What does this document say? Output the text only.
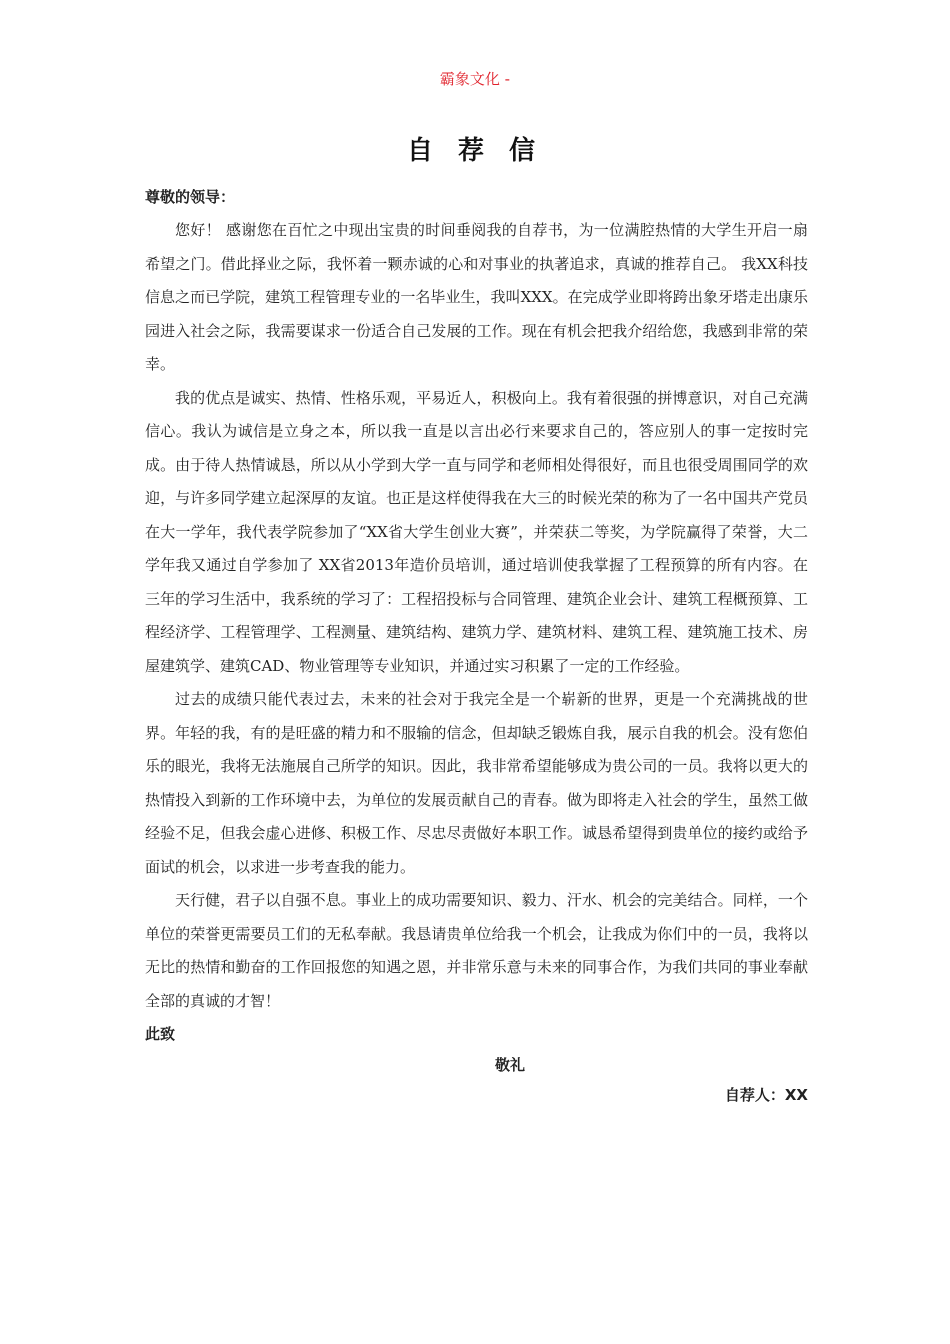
霸象文化 -
自 荐 信

尊敬的领导：

您好！ 感谢您在百忙之中现出宝贵的时间垂阅我的自荐书，为一位满腔热情的大学生开启一扇希望之门。借此择业之际，我怀着一颗赤诚的心和对事业的执著追求，真诚的推荐自己。 我XX科技信息之而已学院，建筑工程管理专业的一名毕业生，我叫XXX。在完成学业即将跨出象牙塔走出康乐园进入社会之际，我需要谋求一份适合自己发展的工作。现在有机会把我介绍给您，我感到非常的荣幸。

我的优点是诚实、热情、性格乐观，平易近人，积极向上。我有着很强的拼博意识，对自己充满信心。我认为诚信是立身之本，所以我一直是以言出必行来要求自己的，答应别人的事一定按时完成。由于待人热情诚恳，所以从小学到大学一直与同学和老师相处得很好，而且也很受周围同学的欢迎，与许多同学建立起深厚的友谊。也正是这样使得我在大三的时候光荣的称为了一名中国共产党员 在大一学年，我代表学院参加了“XX省大学生创业大赛”，并荣获二等奖，为学院赢得了荣誉，大二学年我又通过自学参加了 XX省2013年造价员培训，通过培训使我掌握了工程预算的所有内容。在三年的学习生活中，我系统的学习了：工程招投标与合同管理、建筑企业会计、建筑工程概预算、工程经济学、工程管理学、工程测量、建筑结构、建筑力学、建筑材料、建筑工程、建筑施工技术、房屋建筑学、建筑CAD、物业管理等专业知识，并通过实习积累了一定的工作经验。

过去的成绩只能代表过去，未来的社会对于我完全是一个崭新的世界，更是一个充满挑战的世界。年轻的我，有的是旺盛的精力和不服输的信念，但却缺乏锻炼自我，展示自我的机会。没有您伯乐的眼光，我将无法施展自己所学的知识。因此，我非常希望能够成为贵公司的一员。我将以更大的热情投入到新的工作环境中去，为单位的发展贡献自己的青春。做为即将走入社会的学生，虽然工做经验不足，但我会虚心进修、积极工作、尽忠尽责做好本职工作。诚恳希望得到贵单位的接约或给予面试的机会，以求进一步考查我的能力。

天行健，君子以自强不息。事业上的成功需要知识、毅力、汗水、机会的完美结合。同样，一个单位的荣誉更需要员工们的无私奉献。我恳请贵单位给我一个机会，让我成为你们中的一员，我将以无比的热情和勤奋的工作回报您的知遇之恩，并非常乐意与未来的同事合作，为我们共同的事业奉献全部的真诚的才智！

此致

敬礼

自荐人：XX
